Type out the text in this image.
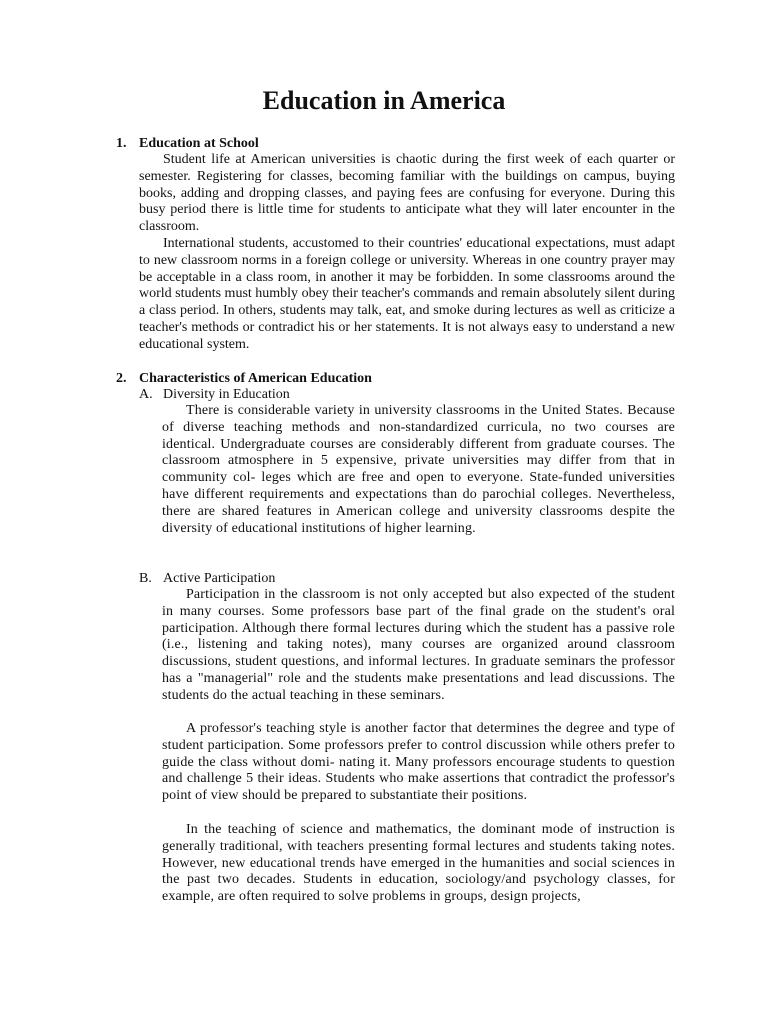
Education in America
1. Education at School

Student life at American universities is chaotic during the first week of each quarter or semester. Registering for classes, becoming familiar with the buildings on campus, buying books, adding and dropping classes, and paying fees are confusing for everyone. During this busy period there is little time for students to anticipate what they will later encounter in the classroom.

International students, accustomed to their countries' educational expectations, must adapt to new classroom norms in a foreign college or university. Whereas in one country prayer may be acceptable in a class room, in another it may be forbidden. In some classrooms around the world students must humbly obey their teacher's commands and remain absolutely silent during a class period. In others, students may talk, eat, and smoke during lectures as well as criticize a teacher's methods or contradict his or her statements. It is not always easy to understand a new educational system.

2. Characteristics of American Education
A. Diversity in Education

There is considerable variety in university classrooms in the United States. Because of diverse teaching methods and non-standardized curricula, no two courses are identical. Undergraduate courses are considerably different from graduate courses. The classroom atmosphere in 5 expensive, private universities may differ from that in community col- leges which are free and open to everyone. State-funded universities have different requirements and expectations than do parochial colleges. Nevertheless, there are shared features in American college and university classrooms despite the diversity of educational institutions of higher learning.

B. Active Participation

Participation in the classroom is not only accepted but also expected of the student in many courses. Some professors base part of the final grade on the student's oral participation. Although there formal lectures during which the student has a passive role (i.e., listening and taking notes), many courses are organized around classroom discussions, student questions, and informal lectures. In graduate seminars the professor has a "managerial" role and the students make presentations and lead discussions. The students do the actual teaching in these seminars.

A professor's teaching style is another factor that determines the degree and type of student participation. Some professors prefer to control discussion while others prefer to guide the class without domi- nating it. Many professors encourage students to question and challenge 5 their ideas. Students who make assertions that contradict the professor's point of view should be prepared to substantiate their positions.

In the teaching of science and mathematics, the dominant mode of instruction is generally traditional, with teachers presenting formal lectures and students taking notes. However, new educational trends have emerged in the humanities and social sciences in the past two decades. Students in education, sociology/and psychology classes, for example, are often required to solve problems in groups, design projects,
